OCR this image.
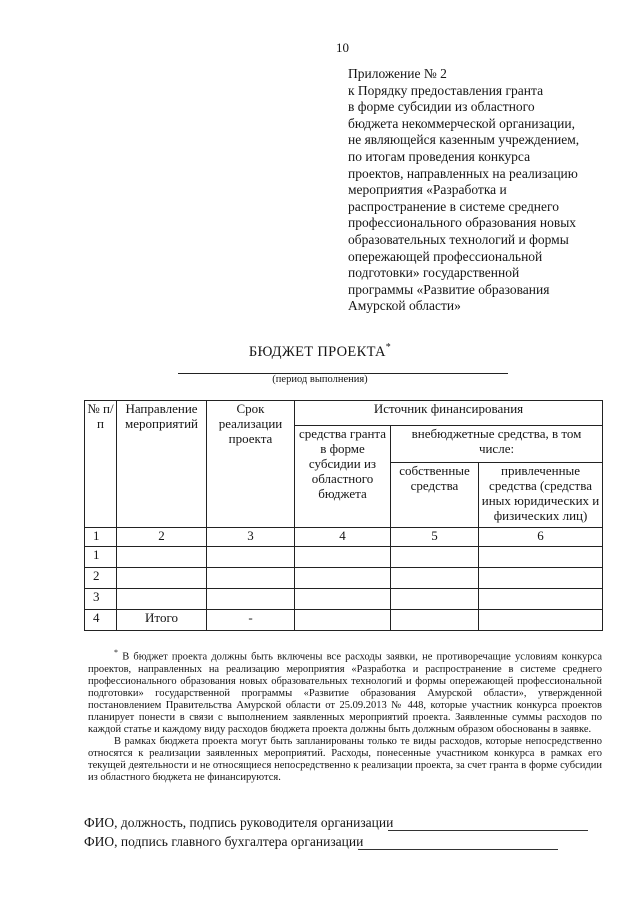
10
Приложение № 2
к Порядку предоставления гранта
в форме субсидии из областного
бюджета некоммерческой организации,
не являющейся казенным учреждением,
по итогам проведения конкурса
проектов, направленных на реализацию
мероприятия «Разработка и
распространение в системе среднего
профессионального образования новых
образовательных технологий и формы
опережающей профессиональной
подготовки» государственной
программы «Развитие образования
Амурской области»
БЮДЖЕТ ПРОЕКТА*
(период выполнения)
№ п/п	Направление мероприятий	Срок реализации проекта	Источник финансирования		
			средства гранта в форме субсидии из областного бюджета	внебюджетные средства, в том числе:	
				собственные средства	привлеченные средства (средства иных юридических и физических лиц)
1	2	3	4	5	6
1					
2					
3					
4	Итого	-			

* В бюджет проекта должны быть включены все расходы заявки, не противоречащие условиям конкурса проектов, направленных на реализацию мероприятия «Разработка и распространение в системе среднего профессионального образования новых образовательных технологий и формы опережающей профессиональной подготовки» государственной программы «Развитие образования Амурской области», утвержденной постановлением Правительства Амурской области от 25.09.2013 № 448, которые участник конкурса проектов планирует понести в связи с выполнением заявленных мероприятий проекта. Заявленные суммы расходов по каждой статье и каждому виду расходов бюджета проекта должны быть должным образом обоснованы в заявке.

В рамках бюджета проекта могут быть запланированы только те виды расходов, которые непосредственно относятся к реализации заявленных мероприятий. Расходы, понесенные участником конкурса в рамках его текущей деятельности и не относящиеся непосредственно к реализации проекта, за счет гранта в форме субсидии из областного бюджета не финансируются.

ФИО, должность, подпись руководителя организации
ФИО, подпись главного бухгалтера организации
